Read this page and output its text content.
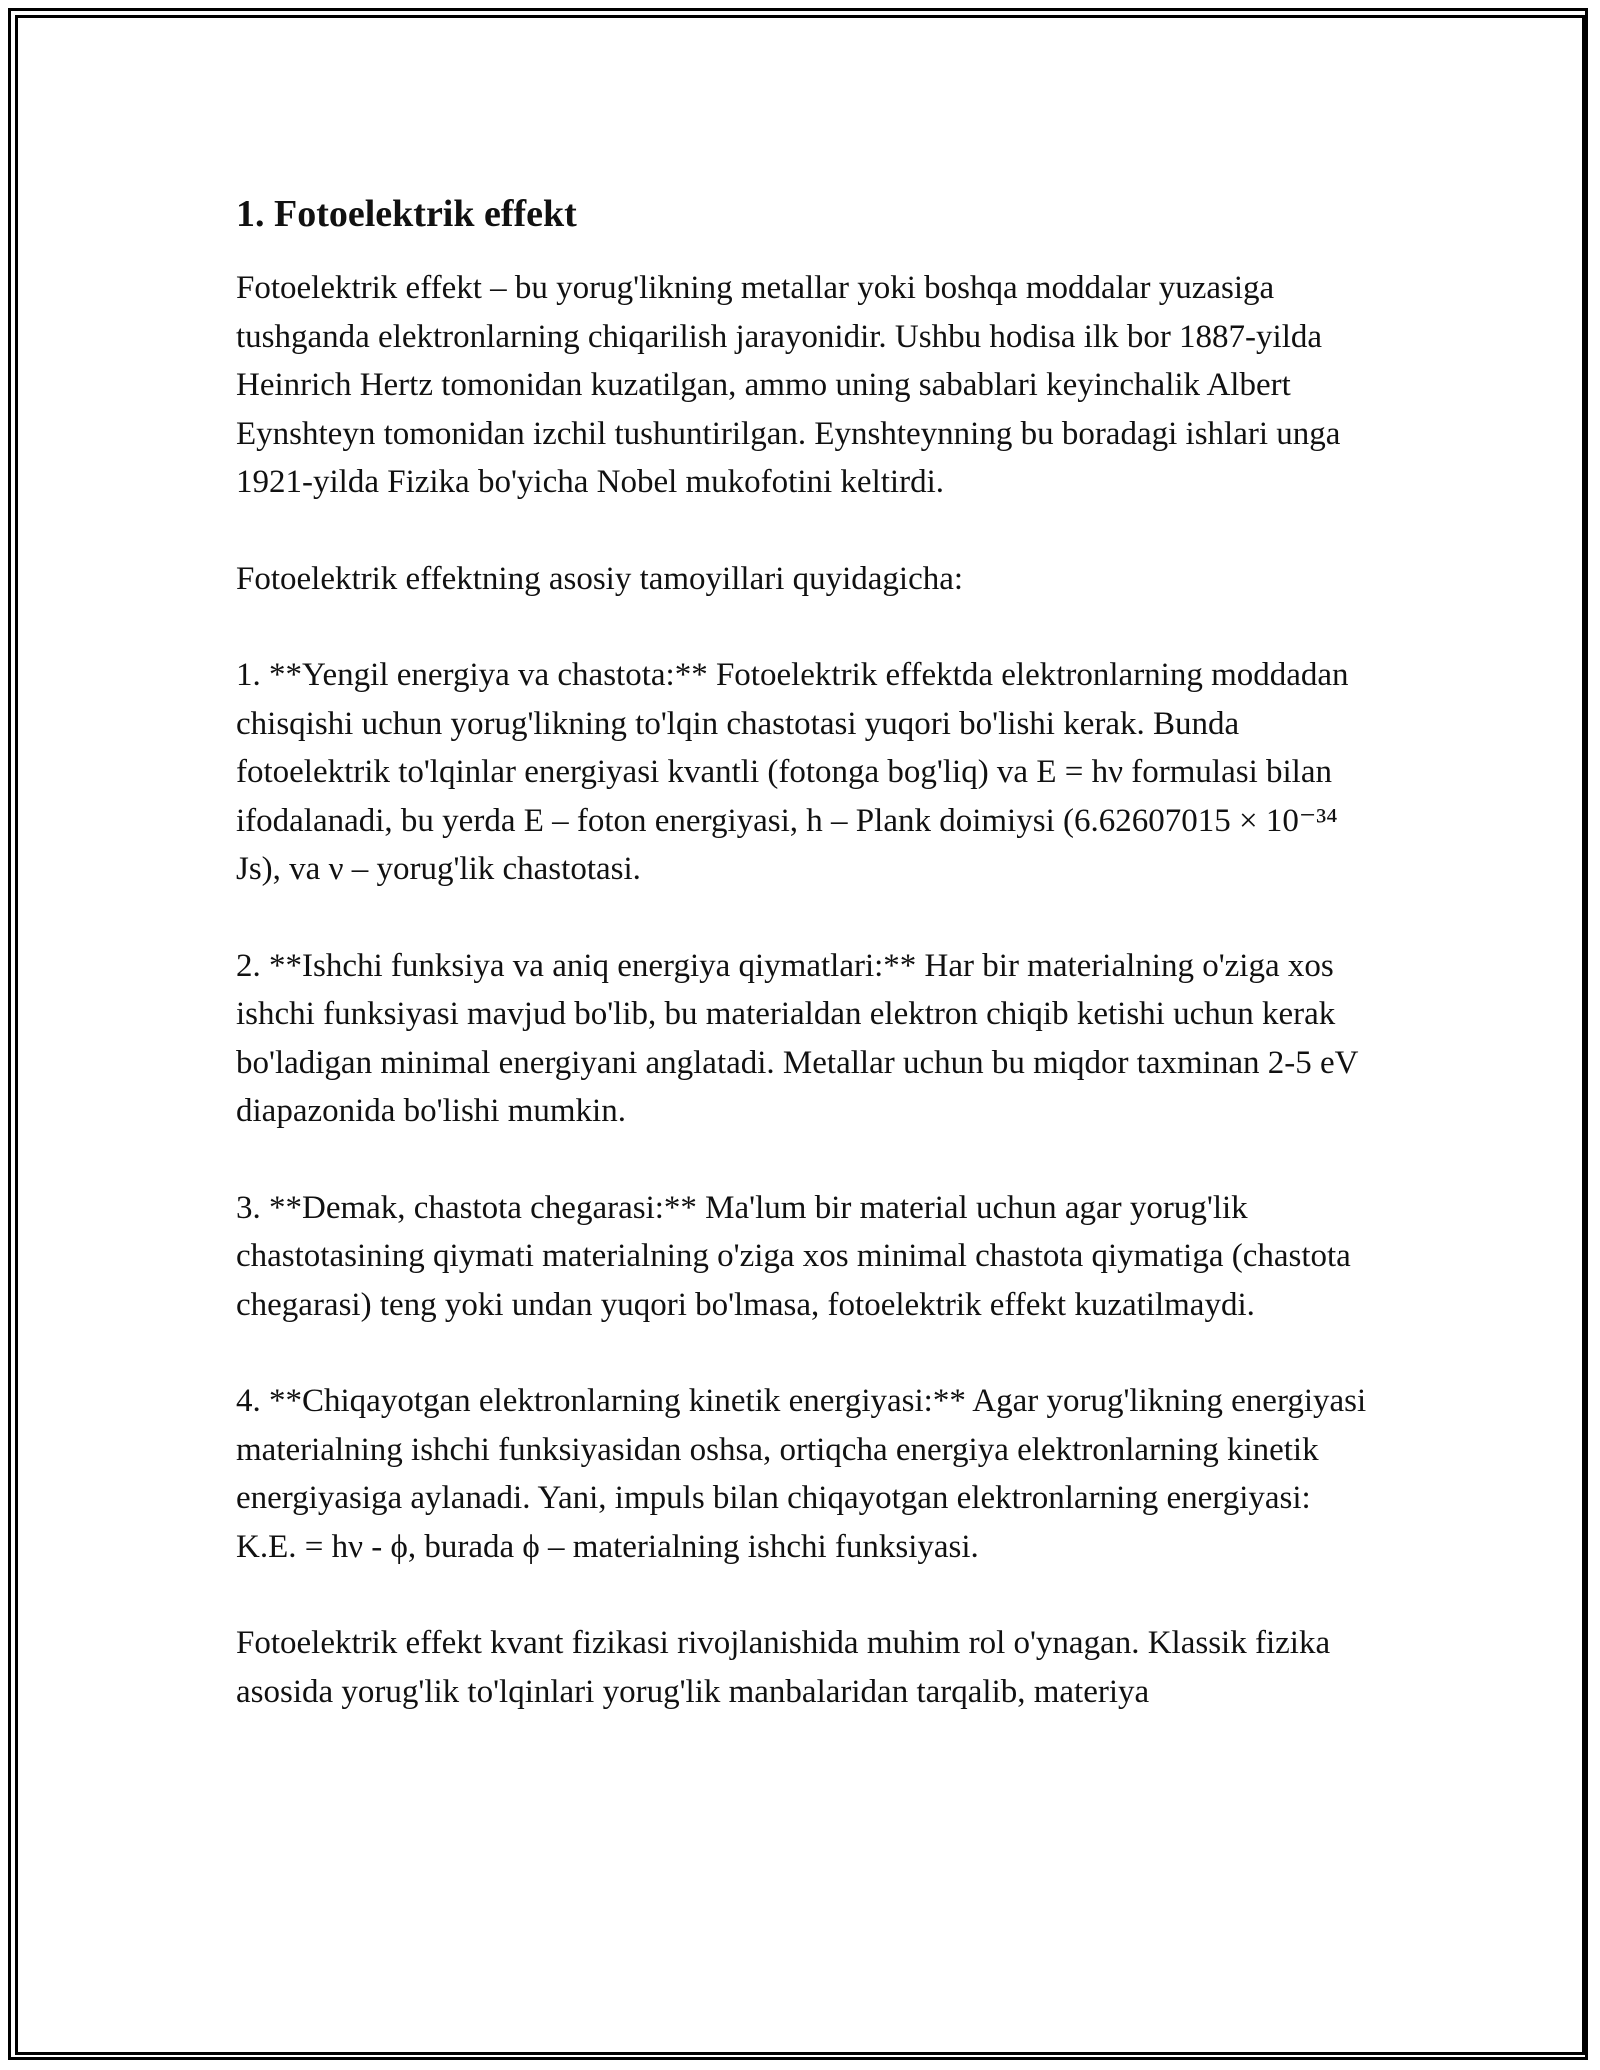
1. Fotoelektrik effekt

Fotoelektrik effekt – bu yorug'likning metallar yoki boshqa moddalar yuzasiga tushganda elektronlarning chiqarilish jarayonidir. Ushbu hodisa ilk bor 1887-yilda Heinrich Hertz tomonidan kuzatilgan, ammo uning sabablari keyinchalik Albert Eynshteyn tomonidan izchil tushuntirilgan. Eynshteynning bu boradagi ishlari unga 1921-yilda Fizika bo'yicha Nobel mukofotini keltirdi.

Fotoelektrik effektning asosiy tamoyillari quyidagicha:

1. **Yengil energiya va chastota:** Fotoelektrik effektda elektronlarning moddadan chisqishi uchun yorug'likning to'lqin chastotasi yuqori bo'lishi kerak. Bunda fotoelektrik to'lqinlar energiyasi kvantli (fotonga bog'liq) va E = hν formulasi bilan ifodalanadi, bu yerda E – foton energiyasi, h – Plank doimiysi (6.62607015 × 10⁻³⁴ Js), va ν – yorug'lik chastotasi.

2. **Ishchi funksiya va aniq energiya qiymatlari:** Har bir materialning o'ziga xos ishchi funksiyasi mavjud bo'lib, bu materialdan elektron chiqib ketishi uchun kerak bo'ladigan minimal energiyani anglatadi. Metallar uchun bu miqdor taxminan 2-5 eV diapazonida bo'lishi mumkin.

3. **Demak, chastota chegarasi:** Ma'lum bir material uchun agar yorug'lik chastotasining qiymati materialning o'ziga xos minimal chastota qiymatiga (chastota chegarasi) teng yoki undan yuqori bo'lmasa, fotoelektrik effekt kuzatilmaydi.

4. **Chiqayotgan elektronlarning kinetik energiyasi:** Agar yorug'likning energiyasi materialning ishchi funksiyasidan oshsa, ortiqcha energiya elektronlarning kinetik energiyasiga aylanadi. Yani, impuls bilan chiqayotgan elektronlarning energiyasi: K.E. = hν - ϕ, burada ϕ – materialning ishchi funksiyasi.

Fotoelektrik effekt kvant fizikasi rivojlanishida muhim rol o'ynagan. Klassik fizika asosida yorug'lik to'lqinlari yorug'lik manbalaridan tarqalib, materiya
